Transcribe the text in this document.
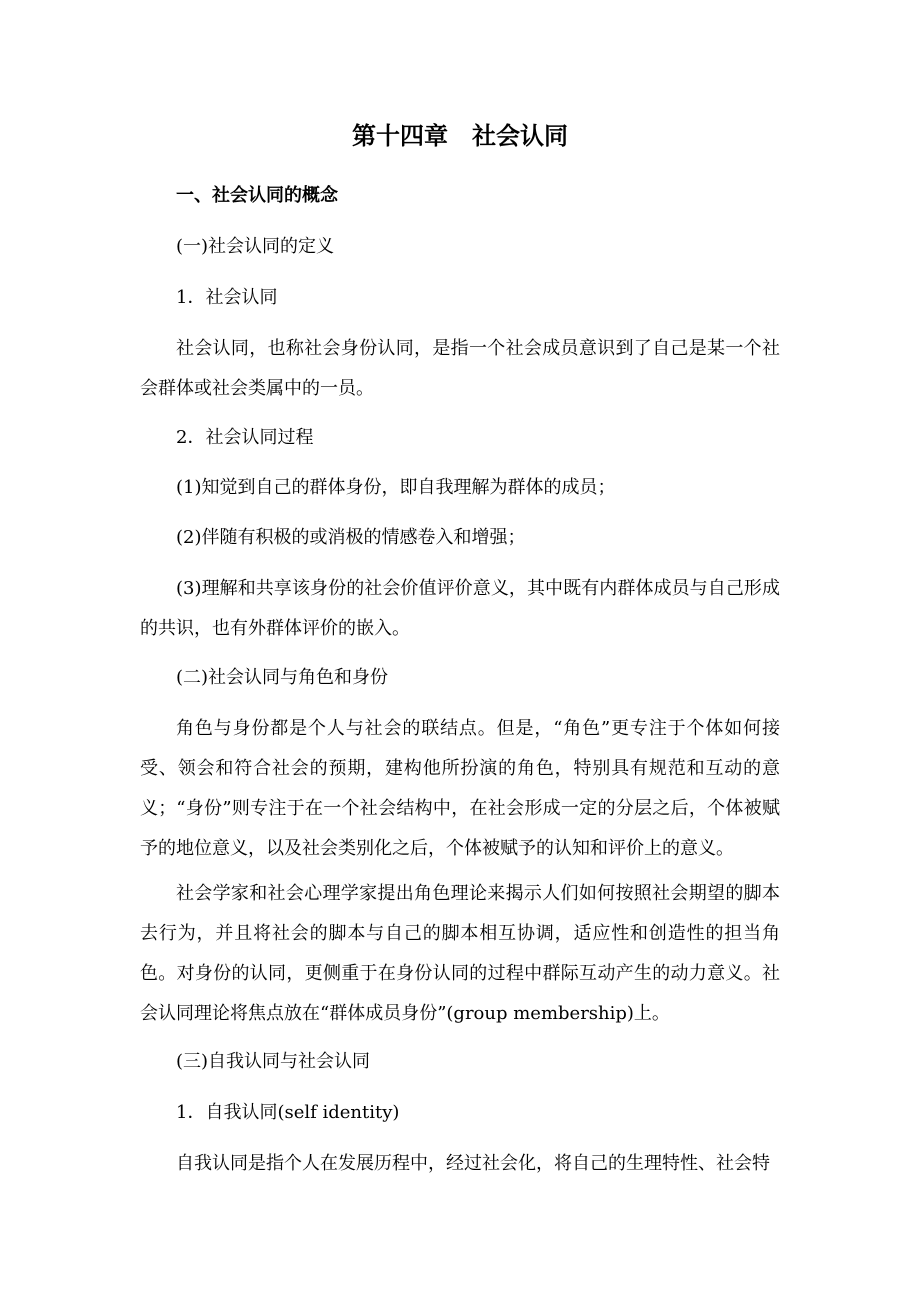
第十四章　社会认同

一、社会认同的概念

(一)社会认同的定义

1．社会认同

社会认同，也称社会身份认同，是指一个社会成员意识到了自己是某一个社会群体或社会类属中的一员。

2．社会认同过程

(1)知觉到自己的群体身份，即自我理解为群体的成员；

(2)伴随有积极的或消极的情感卷入和增强；

(3)理解和共享该身份的社会价值评价意义，其中既有内群体成员与自己形成的共识，也有外群体评价的嵌入。

(二)社会认同与角色和身份

角色与身份都是个人与社会的联结点。但是，“角色”更专注于个体如何接受、领会和符合社会的预期，建构他所扮演的角色，特别具有规范和互动的意义；“身份”则专注于在一个社会结构中，在社会形成一定的分层之后，个体被赋予的地位意义，以及社会类别化之后，个体被赋予的认知和评价上的意义。

社会学家和社会心理学家提出角色理论来揭示人们如何按照社会期望的脚本去行为，并且将社会的脚本与自己的脚本相互协调，适应性和创造性的担当角色。对身份的认同，更侧重于在身份认同的过程中群际互动产生的动力意义。社会认同理论将焦点放在“群体成员身份”(group membership)上。

(三)自我认同与社会认同

1．自我认同(self identity)

自我认同是指个人在发展历程中，经过社会化，将自己的生理特性、社会特
